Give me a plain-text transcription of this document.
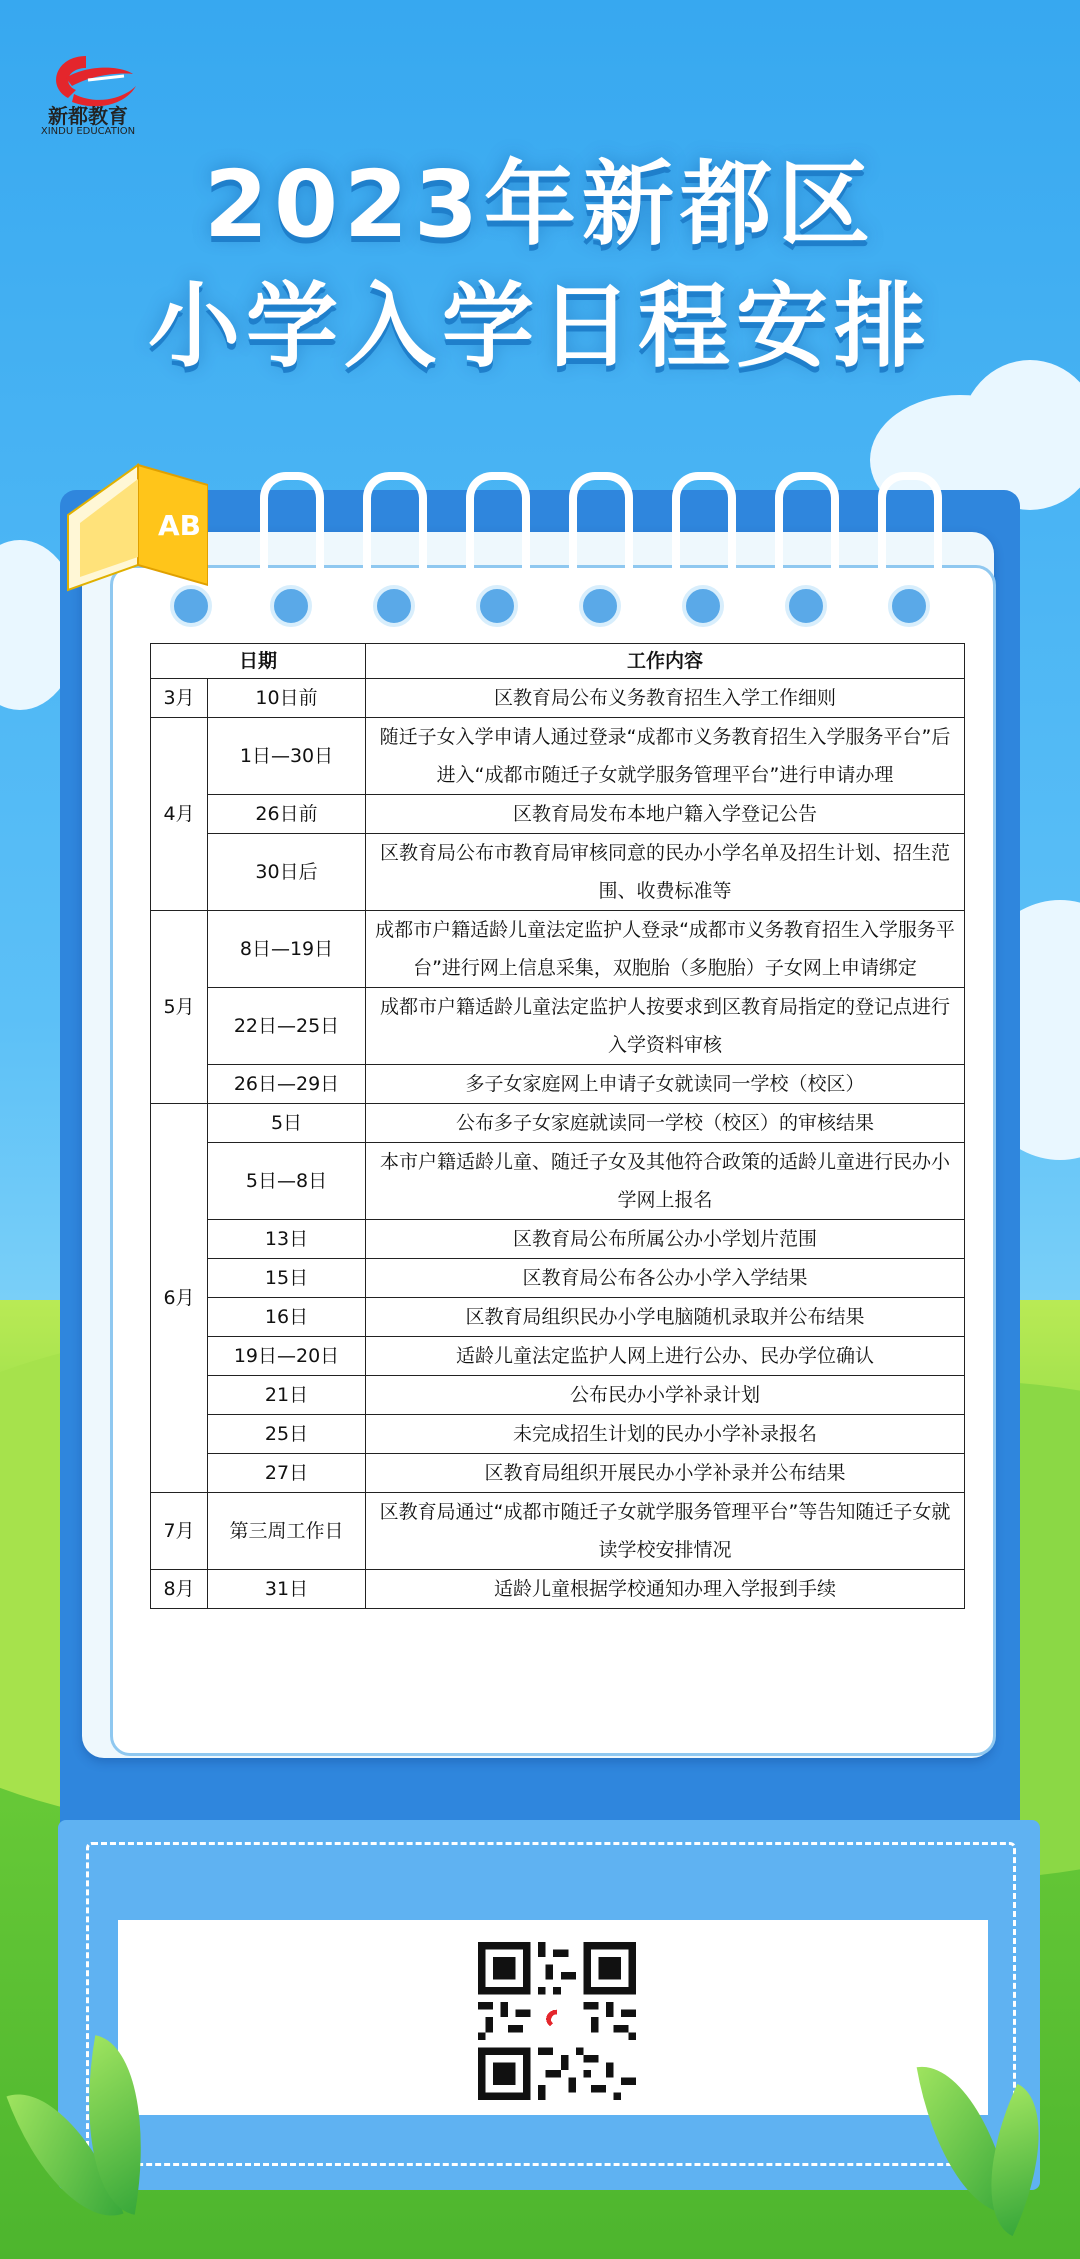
新都教育
XINDU EDUCATION
2023年新都区
小学入学日程安排
AB
日期		工作内容
3月	10日前	区教育局公布义务教育招生入学工作细则
4月	1日—30日	随迁子女入学申请人通过登录“成都市义务教育招生入学服务平台”后进入“成都市随迁子女就学服务管理平台”进行申请办理
	26日前	区教育局发布本地户籍入学登记公告
	30日后	区教育局公布市教育局审核同意的民办小学名单及招生计划、招生范围、收费标准等
5月	8日—19日	成都市户籍适龄儿童法定监护人登录“成都市义务教育招生入学服务平台”进行网上信息采集，双胞胎（多胞胎）子女网上申请绑定
	22日—25日	成都市户籍适龄儿童法定监护人按要求到区教育局指定的登记点进行入学资料审核
	26日—29日	多子女家庭网上申请子女就读同一学校（校区）
6月	5日	公布多子女家庭就读同一学校（校区）的审核结果
	5日—8日	本市户籍适龄儿童、随迁子女及其他符合政策的适龄儿童进行民办小学网上报名
	13日	区教育局公布所属公办小学划片范围
	15日	区教育局公布各公办小学入学结果
	16日	区教育局组织民办小学电脑随机录取并公布结果
	19日—20日	适龄儿童法定监护人网上进行公办、民办学位确认
	21日	公布民办小学补录计划
	25日	未完成招生计划的民办小学补录报名
	27日	区教育局组织开展民办小学补录并公布结果
7月	第三周工作日	区教育局通过“成都市随迁子女就学服务管理平台”等告知随迁子女就读学校安排情况
8月	31日	适龄儿童根据学校通知办理入学报到手续
